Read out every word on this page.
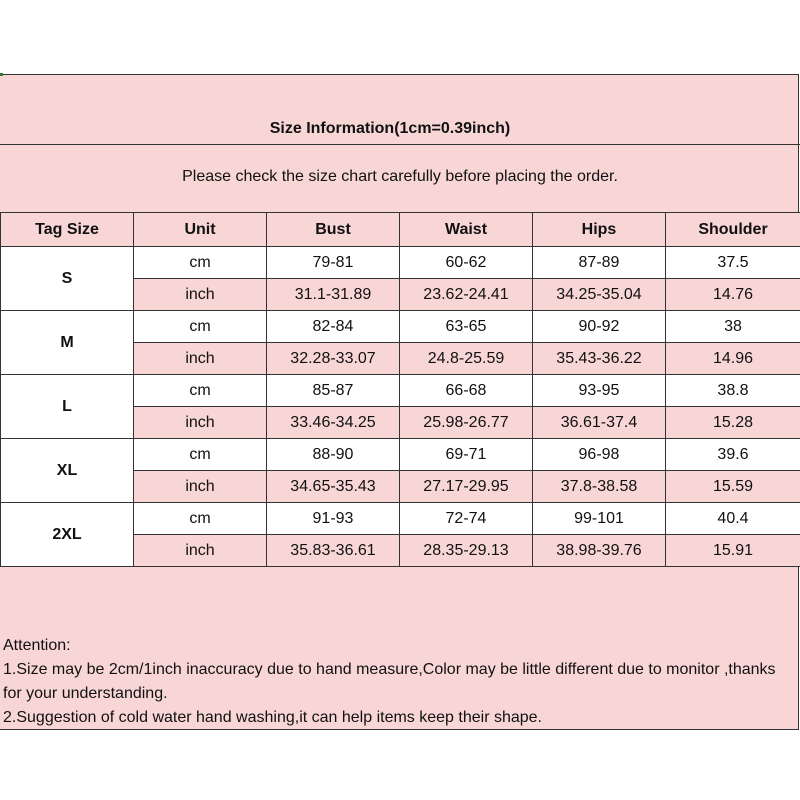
Size Information(1cm=0.39inch)
Please check the size chart carefully before placing the order.
Tag Size	Unit	Bust	Waist	Hips	Shoulder
S	cm	79-81	60-62	87-89	37.5
	inch	31.1-31.89	23.62-24.41	34.25-35.04	14.76
M	cm	82-84	63-65	90-92	38
	inch	32.28-33.07	24.8-25.59	35.43-36.22	14.96
L	cm	85-87	66-68	93-95	38.8
	inch	33.46-34.25	25.98-26.77	36.61-37.4	15.28
XL	cm	88-90	69-71	96-98	39.6
	inch	34.65-35.43	27.17-29.95	37.8-38.58	15.59
2XL	cm	91-93	72-74	99-101	40.4
	inch	35.83-36.61	28.35-29.13	38.98-39.76	15.91
Attention:
1.Size may be 2cm/1inch inaccuracy due to hand measure,Color may be little different due to monitor ,thanks for your understanding.
2.Suggestion of cold water hand washing,it can help items keep their shape.
